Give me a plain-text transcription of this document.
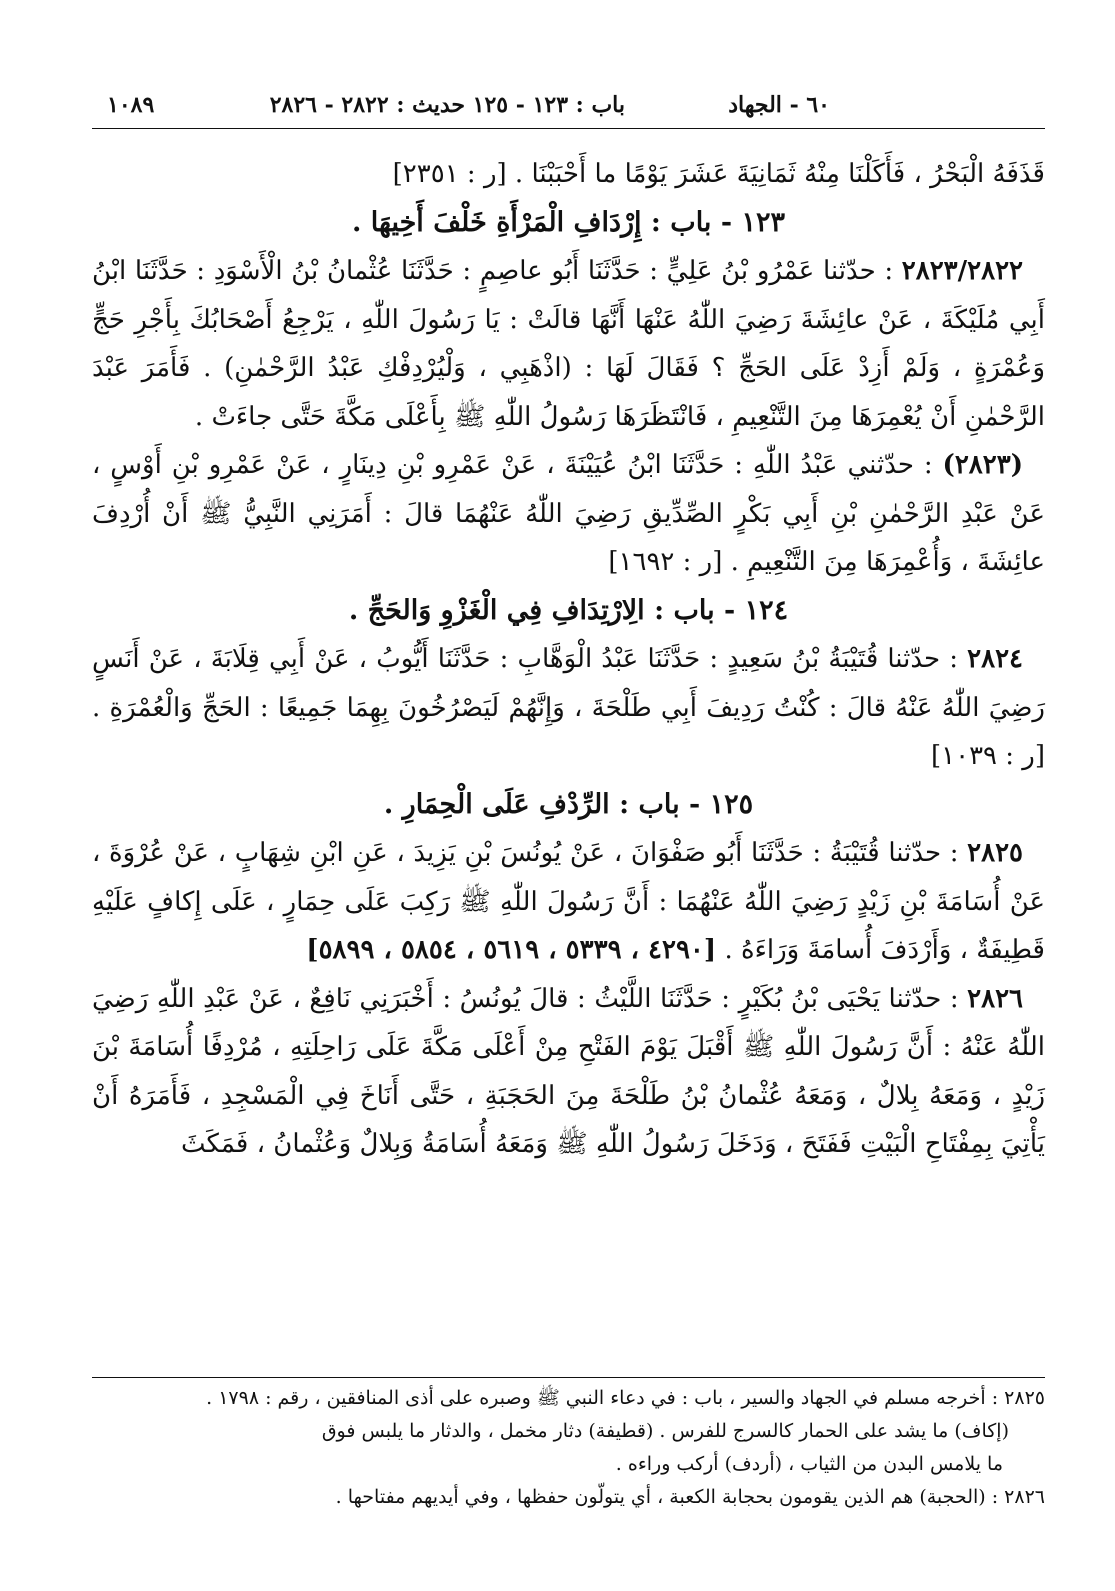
٦٠ - الجهاد
باب : ١٢٣ - ١٢٥ حديث : ٢٨٢٢ - ٢٨٢٦
١٠٨٩

قَذَفَهُ الْبَحْرُ ، فَأَكَلْنَا مِنْهُ ثَمَانِيَةَ عَشَرَ يَوْمًا ما أَحْبَبْنَا . [ر : ٢٣٥١]

١٢٣ - باب : إِرْدَافِ الْمَرْأَةِ خَلْفَ أَخِيهَا .

٢٨٢٣/٢٨٢٢ : حدّثنا عَمْرُو بْنُ عَلِيٍّ : حَدَّثَنَا أَبُو عاصِمٍ : حَدَّثَنَا عُثْمانُ بْنُ الْأَسْوَدِ : حَدَّثَنَا ابْنُ أَبِي مُلَيْكَةَ ، عَنْ عائِشَةَ رَضِيَ اللّٰهُ عَنْهَا أَنَّهَا قالَتْ : يَا رَسُولَ اللّٰهِ ، يَرْجِعُ أَصْحَابُكَ بِأَجْرِ حَجٍّ وَعُمْرَةٍ ، وَلَمْ أَزِدْ عَلَى الحَجِّ ؟ فَقَالَ لَهَا : (اذْهَبِي ، وَلْيُرْدِفْكِ عَبْدُ الرَّحْمٰنِ) . فَأَمَرَ عَبْدَ الرَّحْمٰنِ أَنْ يُعْمِرَهَا مِنَ التَّنْعِيمِ ، فَانْتَظَرَهَا رَسُولُ اللّٰهِ ﷺ بِأَعْلَى مَكَّةَ حَتَّى جاءَتْ .

(٢٨٢٣) : حدّثني عَبْدُ اللّٰهِ : حَدَّثَنَا ابْنُ عُيَيْنَةَ ، عَنْ عَمْرِو بْنِ دِينَارٍ ، عَنْ عَمْرِو بْنِ أَوْسٍ ، عَنْ عَبْدِ الرَّحْمٰنِ بْنِ أَبِي بَكْرٍ الصِّدِّيقِ رَضِيَ اللّٰهُ عَنْهُمَا قالَ : أَمَرَنِي النَّبِيُّ ﷺ أَنْ أُرْدِفَ عائِشَةَ ، وَأُعْمِرَهَا مِنَ التَّنْعِيمِ . [ر : ١٦٩٢]

١٢٤ - باب : الِارْتِدَافِ فِي الْغَزْوِ وَالحَجِّ .

٢٨٢٤ : حدّثنا قُتَيْبَةُ بْنُ سَعِيدٍ : حَدَّثَنَا عَبْدُ الْوَهَّابِ : حَدَّثَنَا أَيُّوبُ ، عَنْ أَبِي قِلَابَةَ ، عَنْ أَنَسٍ رَضِيَ اللّٰهُ عَنْهُ قالَ : كُنْتُ رَدِيفَ أَبِي طَلْحَةَ ، وَإِنَّهُمْ لَيَصْرُخُونَ بِهِمَا جَمِيعًا : الحَجِّ وَالْعُمْرَةِ . [ر : ١٠٣٩]

١٢٥ - باب : الرِّدْفِ عَلَى الْحِمَارِ .

٢٨٢٥ : حدّثنا قُتَيْبَةُ : حَدَّثَنَا أَبُو صَفْوَانَ ، عَنْ يُونُسَ بْنِ يَزِيدَ ، عَنِ ابْنِ شِهَابٍ ، عَنْ عُرْوَةَ ، عَنْ أُسَامَةَ بْنِ زَيْدٍ رَضِيَ اللّٰهُ عَنْهُمَا : أَنَّ رَسُولَ اللّٰهِ ﷺ رَكِبَ عَلَى حِمَارٍ ، عَلَى إِكافٍ عَلَيْهِ قَطِيفَةٌ ، وَأَرْدَفَ أُسامَةَ وَرَاءَهُ . [٤٢٩٠ ، ٥٣٣٩ ، ٥٦١٩ ، ٥٨٥٤ ، ٥٨٩٩]

٢٨٢٦ : حدّثنا يَحْيَى بْنُ بُكَيْرٍ : حَدَّثَنَا اللَّيْثُ : قالَ يُونُسُ : أَخْبَرَنِي نَافِعٌ ، عَنْ عَبْدِ اللّٰهِ رَضِيَ اللّٰهُ عَنْهُ : أَنَّ رَسُولَ اللّٰهِ ﷺ أَقْبَلَ يَوْمَ الفَتْحِ مِنْ أَعْلَى مَكَّةَ عَلَى رَاحِلَتِهِ ، مُرْدِفًا أُسَامَةَ بْنَ زَيْدٍ ، وَمَعَهُ بِلالٌ ، وَمَعَهُ عُثْمانُ بْنُ طَلْحَةَ مِنَ الحَجَبَةِ ، حَتَّى أَنَاخَ فِي الْمَسْجِدِ ، فَأَمَرَهُ أَنْ يَأْتِيَ بِمِفْتَاحِ الْبَيْتِ فَفَتَحَ ، وَدَخَلَ رَسُولُ اللّٰهِ ﷺ وَمَعَهُ أُسَامَةُ وَبِلالٌ وَعُثْمانُ ، فَمَكَثَ

٢٨٢٥ : أخرجه مسلم في الجهاد والسير ، باب : في دعاء النبي ﷺ وصبره على أذى المنافقين ، رقم : ١٧٩٨ .

(إكاف) ما يشد على الحمار كالسرج للفرس . (قطيفة) دثار مخمل ، والدثار ما يلبس فوق

ما يلامس البدن من الثياب ، (أردف) أركب وراءه .

٢٨٢٦ : (الحجبة) هم الذين يقومون بحجابة الكعبة ، أي يتولّون حفظها ، وفي أيديهم مفتاحها .
